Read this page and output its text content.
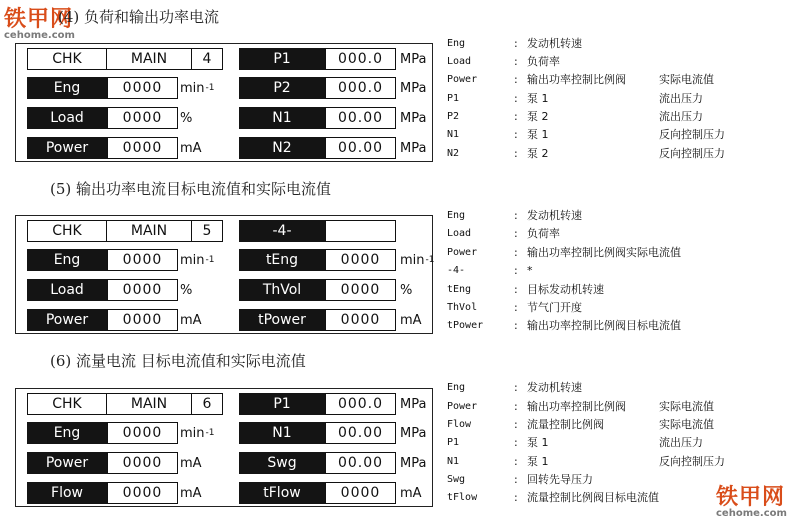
铁甲网
cehome.com
铁甲网
cehome.com
(4) 负荷和输出功率电流
CHK	MAIN	4	P1	000.0	MPa
Eng	0000	min -1	P2	000.0	MPa
Load	0000	%	N1	00.00	MPa
Power	0000	mA	N2	00.00	MPa
Eng	: 发动机转速
Load	: 负荷率
Power	: 输出功率控制比例阀	实际电流值
P1	: 泵 1	流出压力
P2	: 泵 2	流出压力
N1	: 泵 1	反向控制压力
N2	: 泵 2	反向控制压力
(5) 输出功率电流目标电流值和实际电流值
CHK	MAIN	5	-4-
Eng	0000	min -1	tEng	0000	min -1
Load	0000	%	ThVol	0000	%
Power	0000	mA	tPower	0000	mA
Eng	: 发动机转速
Load	: 负荷率
Power	: 输出功率控制比例阀实际电流值
-4-	: *
tEng	: 目标发动机转速
ThVol	: 节气门开度
tPower	: 输出功率控制比例阀目标电流值
(6) 流量电流 目标电流值和实际电流值
CHK	MAIN	6	P1	000.0	MPa
Eng	0000	min -1	N1	00.00	MPa
Power	0000	mA	Swg	00.00	MPa
Flow	0000	mA	tFlow	0000	mA
Eng	: 发动机转速
Power	: 输出功率控制比例阀	实际电流值
Flow	: 流量控制比例阀	实际电流值
P1	: 泵 1	流出压力
N1	: 泵 1	反向控制压力
Swg	: 回转先导压力
tFlow	: 流量控制比例阀目标电流值
